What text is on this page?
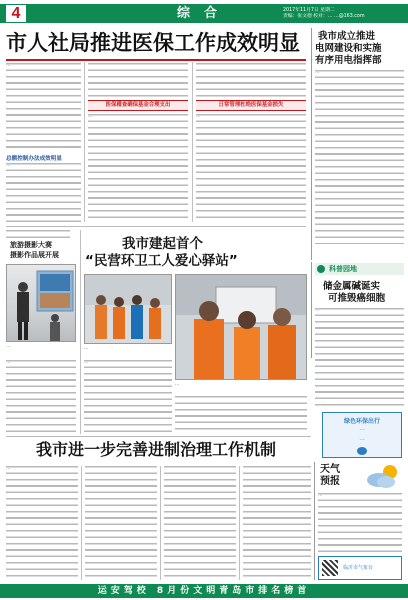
4	综合	2017年11月7日 星期二
责编：张文德 校对：… …@163.com
市人社局推进医保工作成效明显
…
总额控制办法成效明显
…
医保稽查确保基金合理支出
…
日常管理杜绝医保基金损失
…
我市成立推进
电网建设和实施
有序用电指挥部
…
旅游摄影大赛
摄影作品展开展
…
…
我市建起首个
“民营环卫工人爱心驿站”
…
…
…
科普园地
储金属碱诞实
可推毁癌细胞
…
绿色环保出行
…
…
我市进一步完善进制治理工作机制
…	天气
预报
…
临沂市气象台
运安驾校 8月份文明青岛市排名榜首
